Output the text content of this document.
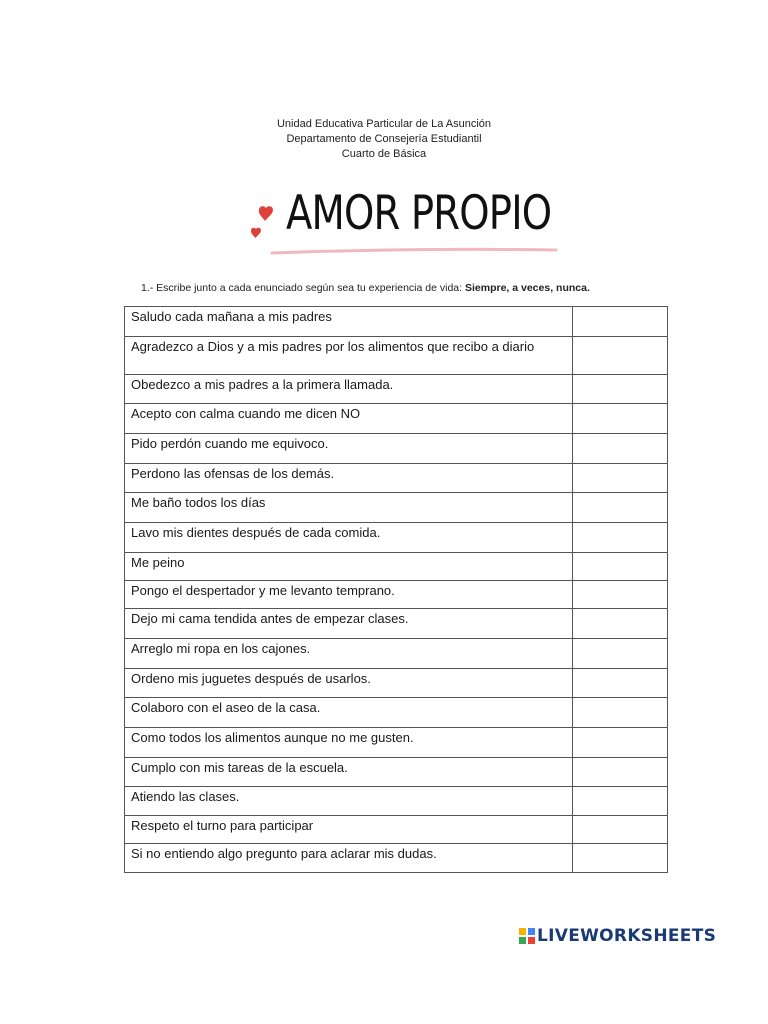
Unidad Educativa Particular de La Asunción
Departamento de Consejería Estudiantil
Cuarto de Básica
AMOR PROPIO
1.- Escribe junto a cada enunciado según sea tu experiencia de vida: Siempre, a veces, nunca.
Saludo cada mañana a mis padres	
Agradezco a Dios y a mis padres por los alimentos que recibo a diario	
Obedezco a mis padres a la primera llamada.	
Acepto con calma cuando me dicen NO	
Pido perdón cuando me equivoco.	
Perdono las ofensas de los demás.	
Me baño todos los días	
Lavo mis dientes después de cada comida.	
Me peino	
Pongo el despertador y me levanto temprano.	
Dejo mi cama tendida antes de empezar clases.	
Arreglo mi ropa en los cajones.	
Ordeno mis juguetes después de usarlos.	
Colaboro con el aseo de la casa.	
Como todos los alimentos aunque no me gusten.	
Cumplo con mis tareas de la escuela.	
Atiendo las clases.	
Respeto el turno para participar	
Si no entiendo algo pregunto para aclarar mis dudas.	
LIVEWORKSHEETS
